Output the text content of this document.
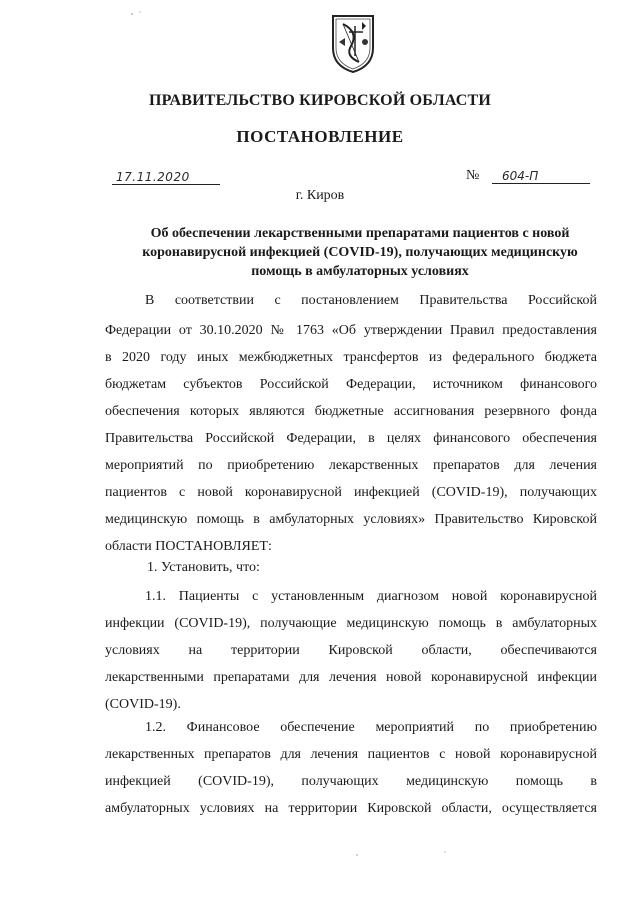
ПРАВИТЕЛЬСТВО КИРОВСКОЙ ОБЛАСТИ
ПОСТАНОВЛЕНИЕ
17.11.2020	№ 604-П
г. Киров
Об обеспечении лекарственными препаратами пациентов с новой
коронавирусной инфекцией (COVID-19), получающих медицинскую
помощь в амбулаторных условиях
В соответствии с постановлением Правительства Российской
Федерации от 30.10.2020 № 1763 «Об утверждении Правил предоставления
в 2020 году иных межбюджетных трансфертов из федерального бюджета
бюджетам субъектов Российской Федерации, источником финансового
обеспечения которых являются бюджетные ассигнования резервного фонда
Правительства Российской Федерации, в целях финансового обеспечения
мероприятий по приобретению лекарственных препаратов для лечения
пациентов с новой коронавирусной инфекцией (COVID-19), получающих
медицинскую помощь в амбулаторных условиях» Правительство Кировской
области ПОСТАНОВЛЯЕТ:
1. Установить, что:
1.1. Пациенты с установленным диагнозом новой коронавирусной
инфекции (COVID-19), получающие медицинскую помощь в амбулаторных
условиях на территории Кировской области, обеспечиваются
лекарственными препаратами для лечения новой коронавирусной инфекции
(COVID-19).
1.2. Финансовое обеспечение мероприятий по приобретению
лекарственных препаратов для лечения пациентов с новой коронавирусной
инфекцией (COVID-19), получающих медицинскую помощь в
амбулаторных условиях на территории Кировской области, осуществляется
